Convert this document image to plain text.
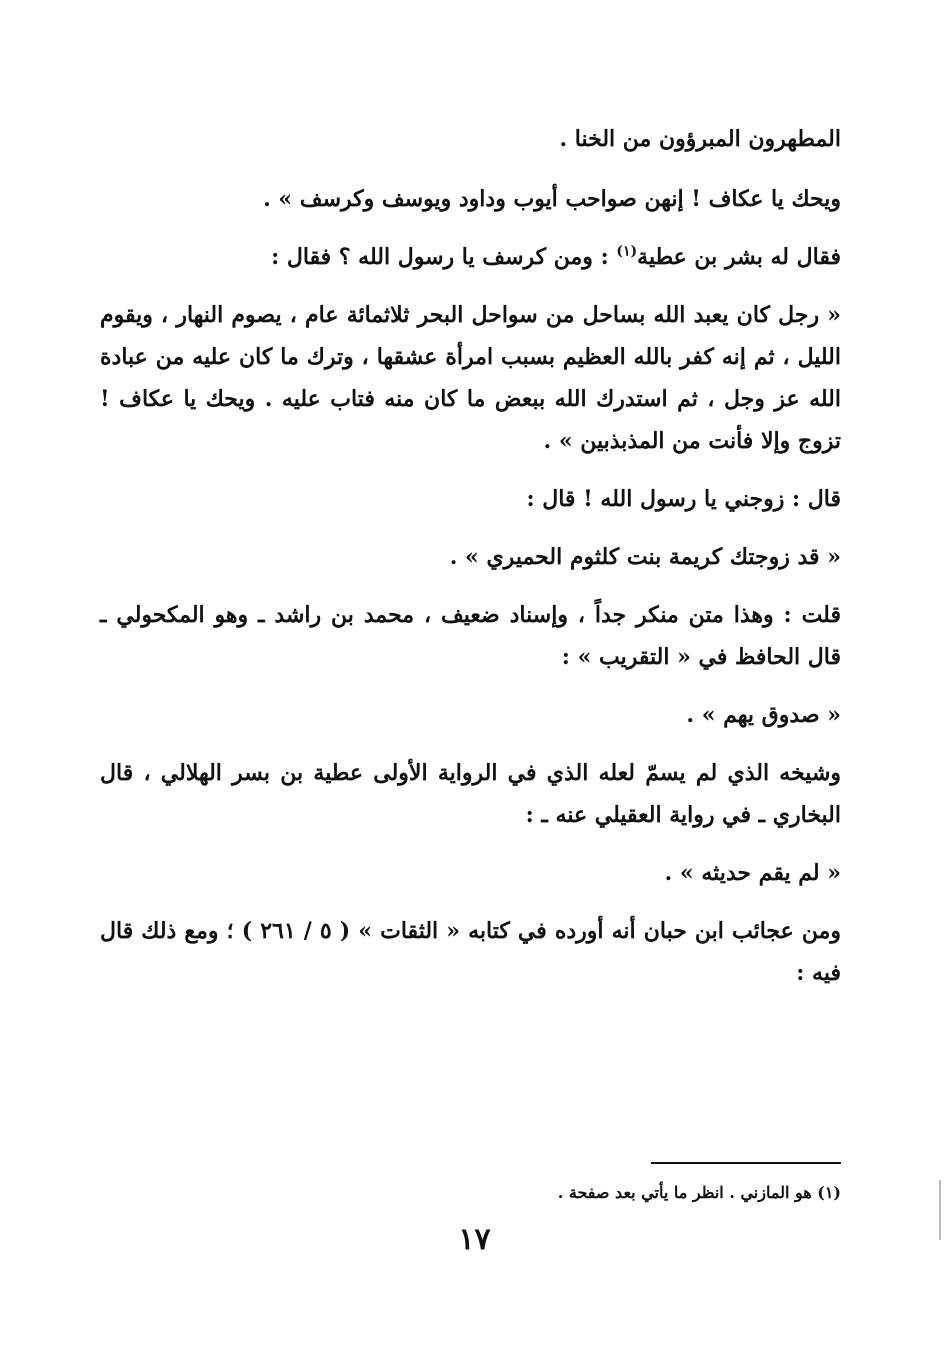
المطهرون المبرؤون من الخنا .

ويحك يا عكاف ! إنهن صواحب أيوب وداود ويوسف وكرسف » .

فقال له بشر بن عطية$^{(١)}$ : ومن كرسف يا رسول الله ؟ فقال :

« رجل كان يعبد الله بساحل من سواحل البحر ثلاثمائة عام ، يصوم النهار ، ويقوم الليل ، ثم إنه كفر بالله العظيم بسبب امرأة عشقها ، وترك ما كان عليه من عبادة الله عز وجل ، ثم استدرك الله ببعض ما كان منه فتاب عليه . ويحك يا عكاف ! تزوج وإلا فأنت من المذبذبين » .

قال : زوجني يا رسول الله ! قال :

« قد زوجتك كريمة بنت كلثوم الحميري » .

قلت : وهذا متن منكر جداً ، وإسناد ضعيف ، محمد بن راشد ـ وهو المكحولي ـ قال الحافظ في « التقريب » :

« صدوق يهم » .

وشيخه الذي لم يسمّ لعله الذي في الرواية الأولى عطية بن بسر الهلالي ، قال البخاري ـ في رواية العقيلي عنه ـ :

« لم يقم حديثه » .

ومن عجائب ابن حبان أنه أورده في كتابه « الثقات » ( ٥ / ٢٦١ ) ؛ ومع ذلك قال فيه :

(١) هو المازني . انظر ما يأتي بعد صفحة .
١٧
